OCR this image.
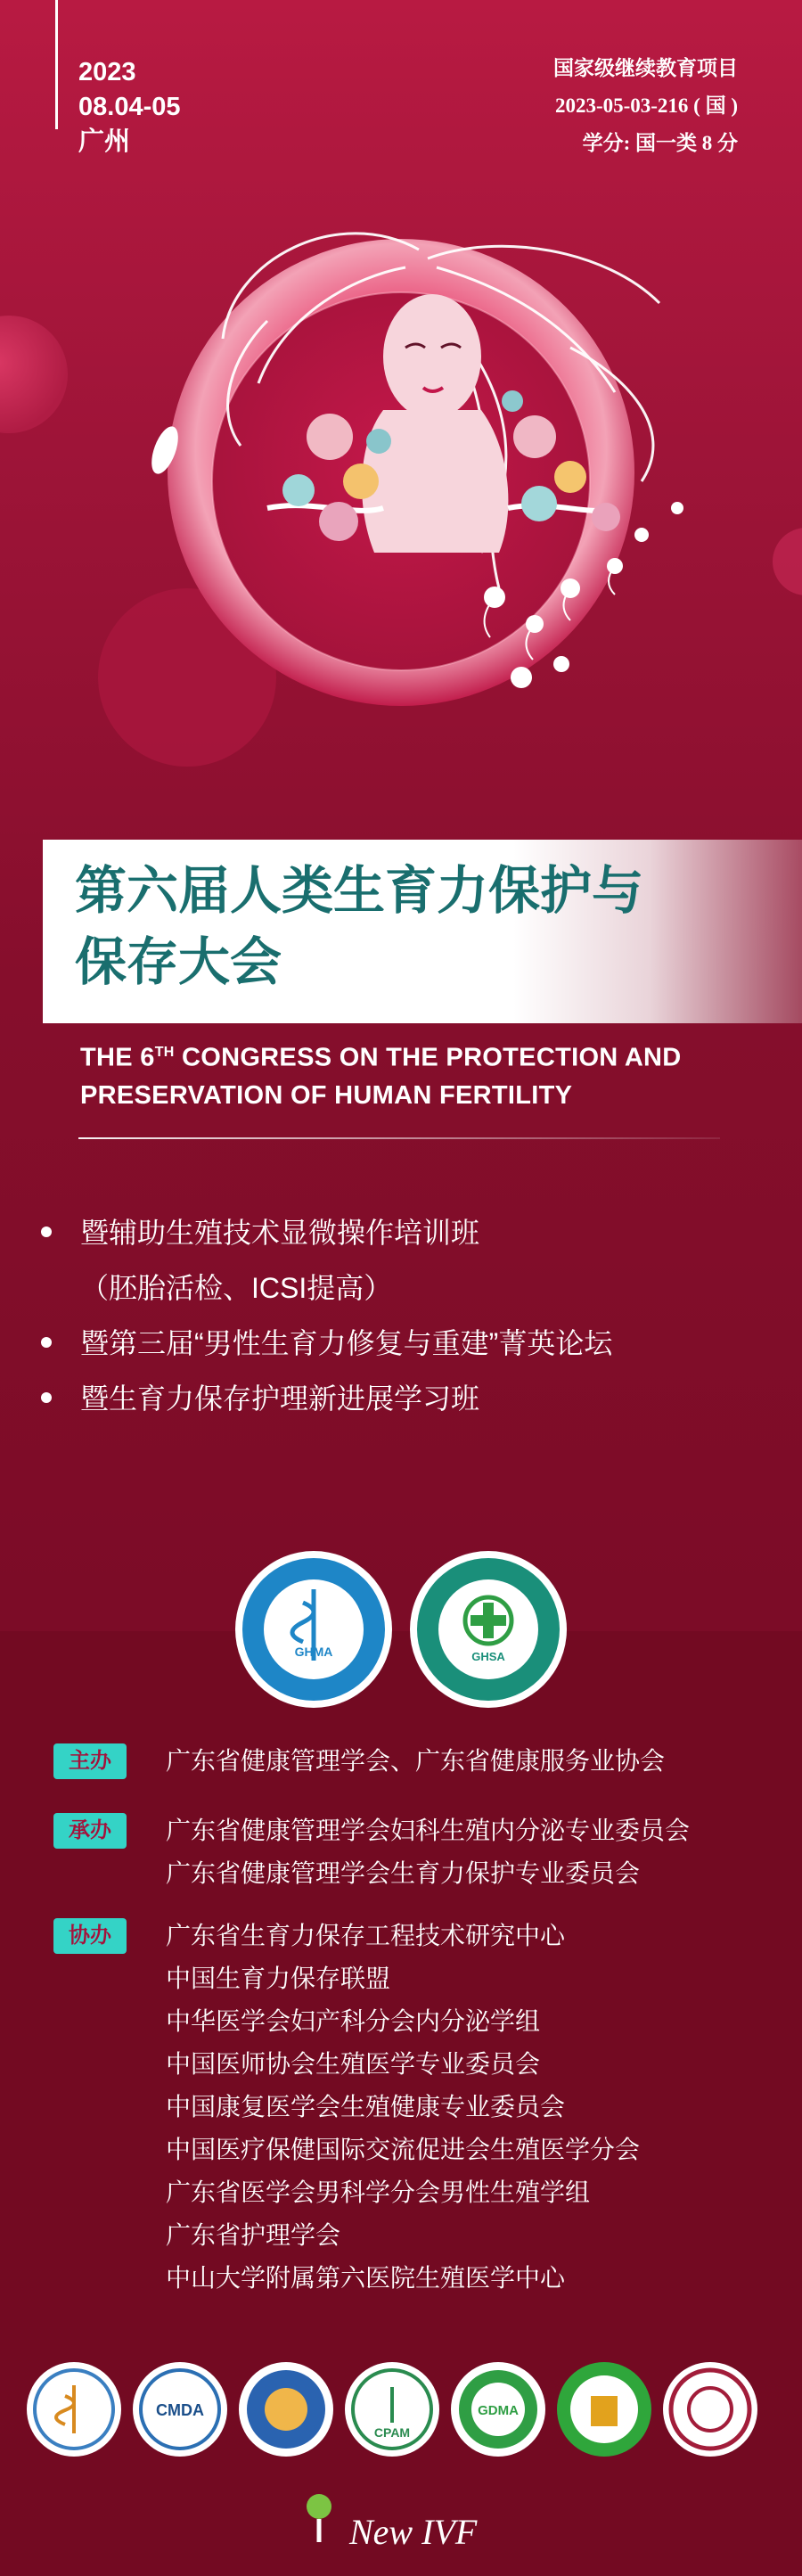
2023
08.04-05
广州
国家级继续教育项目
2023-05-03-216 ( 国 )
学分: 国一类 8 分
第六届人类生育力保护与
保存大会
THE 6TH CONGRESS ON THE PROTECTION AND
PRESERVATION OF HUMAN FERTILITY
暨辅助生殖技术显微操作培训班
（胚胎活检、ICSI提高）
暨第三届“男性生育力修复与重建”菁英论坛
暨生育力保存护理新进展学习班
GHMA	GHSA
主办	广东省健康管理学会、广东省健康服务业协会
承办	广东省健康管理学会妇科生殖内分泌专业委员会
广东省健康管理学会生育力保护专业委员会
协办	广东省生育力保存工程技术研究中心
中国生育力保存联盟
中华医学会妇产科分会内分泌学组
中国医师协会生殖医学专业委员会
中国康复医学会生殖健康专业委员会
中国医疗保健国际交流促进会生殖医学分会
广东省医学会男科学分会男性生殖学组
广东省护理学会
中山大学附属第六医院生殖医学中心
CMDA
CPAM
GDMA
New IVF
